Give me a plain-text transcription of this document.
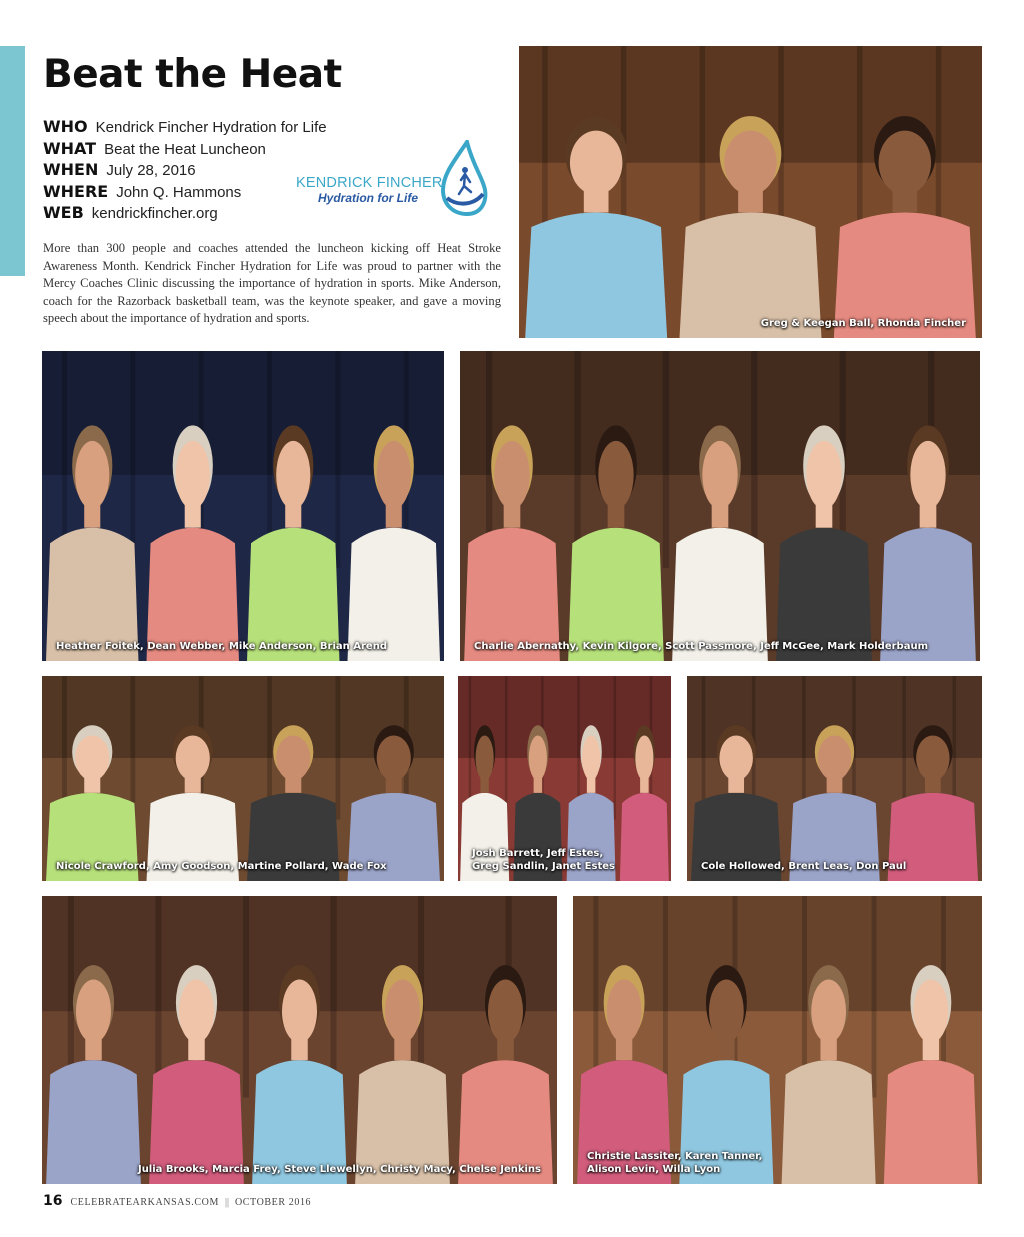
Beat the Heat
WHO Kendrick Fincher Hydration for Life
WHAT Beat the Heat Luncheon
WHEN July 28, 2016
WHERE John Q. Hammons
WEB kendrickfincher.org
KENDRICK FINCHER
Hydration for Life

More than 300 people and coaches attended the luncheon kicking off Heat Stroke Awareness Month. Kendrick Fincher Hydration for Life was proud to partner with the Mercy Coaches Clinic discussing the importance of hydration in sports. Mike Anderson, coach for the Razorback basketball team, was the keynote speaker, and gave a moving speech about the importance of hydration and sports.	Greg & Keegan Ball, Rhonda Fincher
Heather Foitek, Dean Webber, Mike Anderson, Brian Arend	Charlie Abernathy, Kevin Kilgore, Scott Passmore, Jeff McGee, Mark Holderbaum
Nicole Crawford, Amy Goodson, Martine Pollard, Wade Fox
Josh Barrett, Jeff Estes,
Greg Sandlin, Janet Estes	Cole Hollowed, Brent Leas, Don Paul
Julia Brooks, Marcia Frey, Steve Llewellyn, Christy Macy, Chelse Jenkins
Christie Lassiter, Karen Tanner,
Alison Levin, Willa Lyon
16 CELEBRATEARKANSAS.COM || OCTOBER 2016
